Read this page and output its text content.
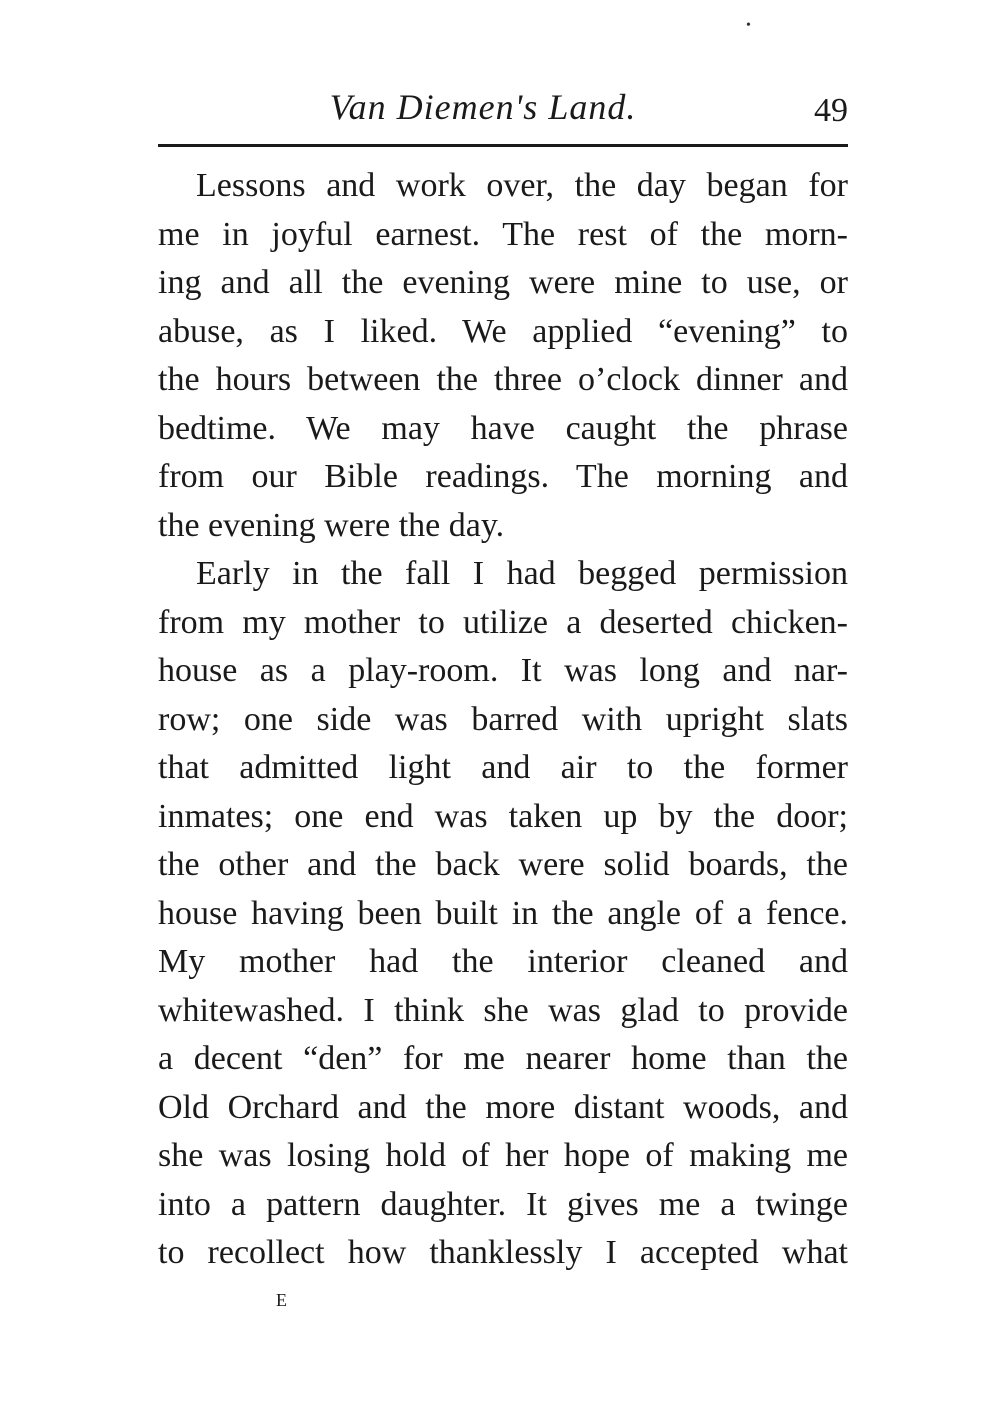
•
Van Diemen's Land.	49
Lessons and work over, the day began for
me in joyful earnest. The rest of the morn-
ing and all the evening were mine to use, or
abuse, as I liked. We applied “evening” to
the hours between the three o’clock dinner and
bedtime. We may have caught the phrase
from our Bible readings. The morning and
the evening were the day.
Early in the fall I had begged permission
from my mother to utilize a deserted chicken-
house as a play-room. It was long and nar-
row; one side was barred with upright slats
that admitted light and air to the former
inmates; one end was taken up by the door;
the other and the back were solid boards, the
house having been built in the angle of a fence.
My mother had the interior cleaned and
whitewashed. I think she was glad to provide
a decent “den” for me nearer home than the
Old Orchard and the more distant woods, and
she was losing hold of her hope of making me
into a pattern daughter. It gives me a twinge
to recollect how thanklessly I accepted what
E
